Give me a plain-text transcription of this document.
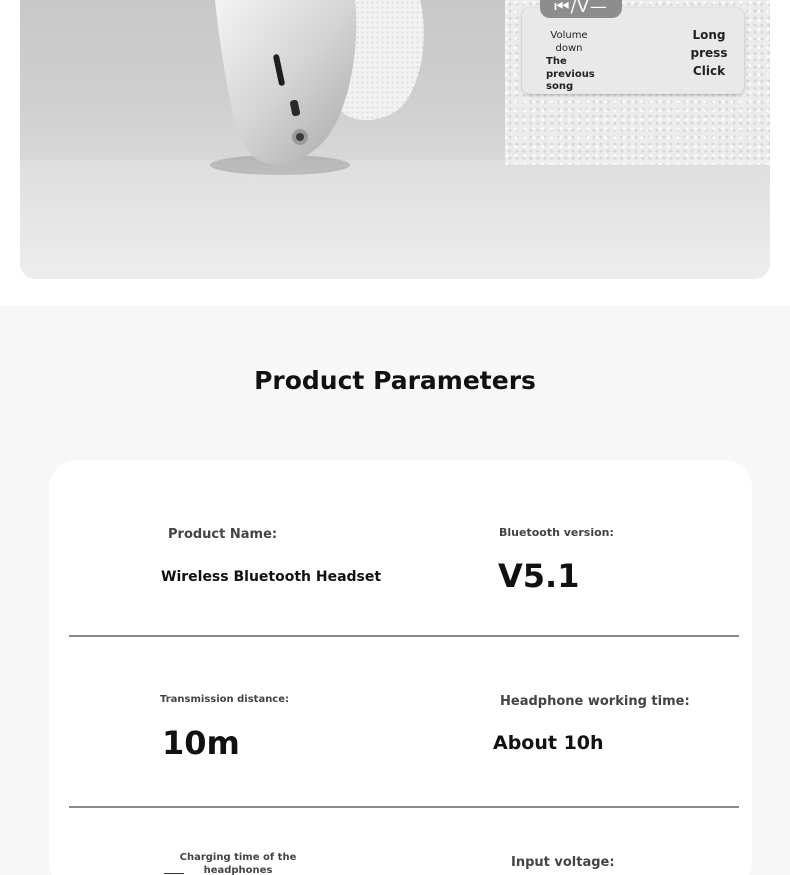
⏮/V—
Volume down
The previous song
Long press Click
Product Parameters
Product Name:
Wireless Bluetooth Headset
Bluetooth version:
V5.1
Transmission distance:
10m
Headphone working time:
About 10h
Charging time of the headphones
Input voltage:
